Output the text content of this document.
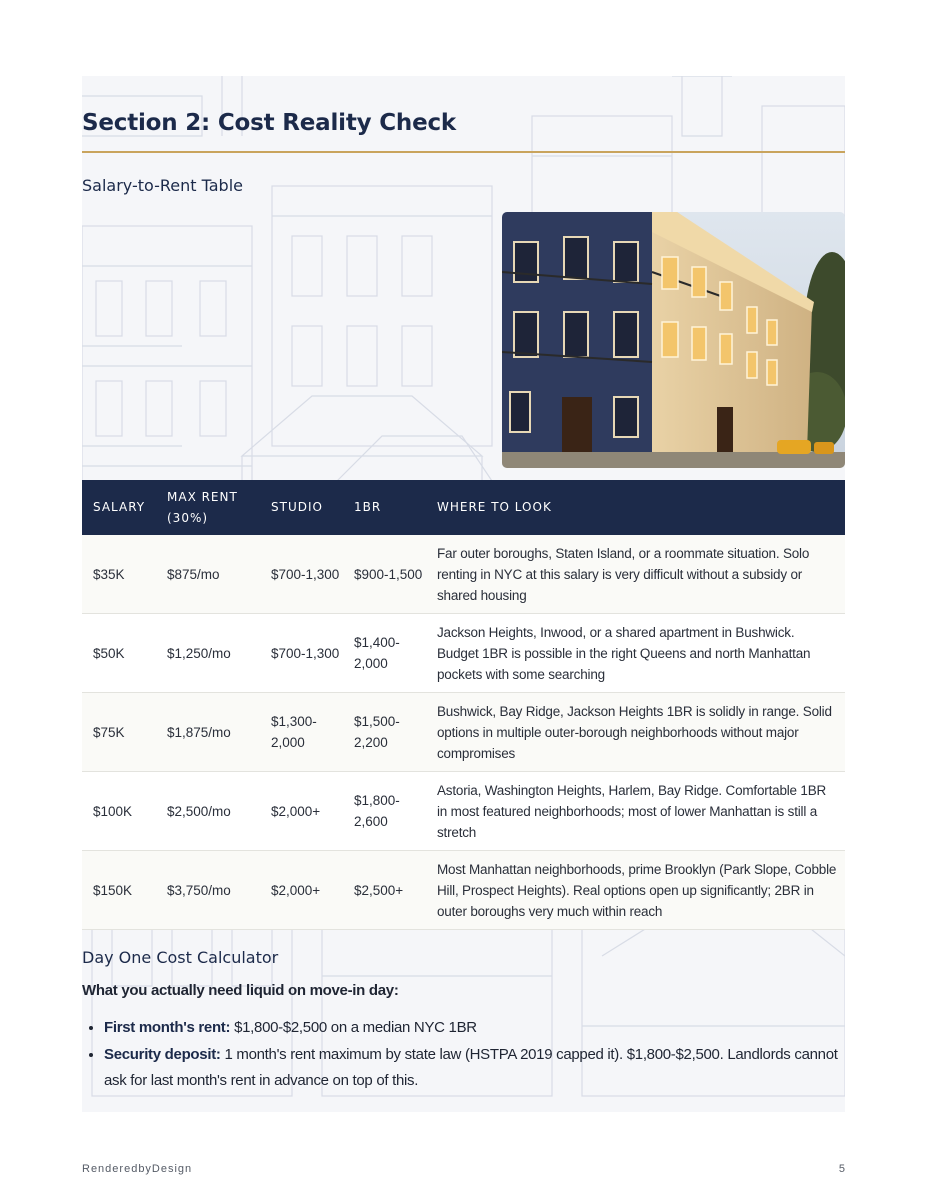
Section 2: Cost Reality Check
Salary-to-Rent Table
SALARY	MAX RENT (30%)	STUDIO	1BR	WHERE TO LOOK
$35K	$875/mo	$700-1,300	$900-1,500	Far outer boroughs, Staten Island, or a roommate situation. Solo renting in NYC at this salary is very difficult without a subsidy or shared housing
$50K	$1,250/mo	$700-1,300	$1,400-2,000	Jackson Heights, Inwood, or a shared apartment in Bushwick. Budget 1BR is possible in the right Queens and north Manhattan pockets with some searching
$75K	$1,875/mo	$1,300-2,000	$1,500-2,200	Bushwick, Bay Ridge, Jackson Heights 1BR is solidly in range. Solid options in multiple outer-borough neighborhoods without major compromises
$100K	$2,500/mo	$2,000+	$1,800-2,600	Astoria, Washington Heights, Harlem, Bay Ridge. Comfortable 1BR in most featured neighborhoods; most of lower Manhattan is still a stretch
$150K	$3,750/mo	$2,000+	$2,500+	Most Manhattan neighborhoods, prime Brooklyn (Park Slope, Cobble Hill, Prospect Heights). Real options open up significantly; 2BR in outer boroughs very much within reach
Day One Cost Calculator

What you actually need liquid on move-in day:

• First month's rent: $1,800-$2,500 on a median NYC 1BR
• Security deposit: 1 month's rent maximum by state law (HSTPA 2019 capped it). $1,800-$2,500. Landlords cannot ask for last month's rent in advance on top of this.
RenderedbyDesign	5
